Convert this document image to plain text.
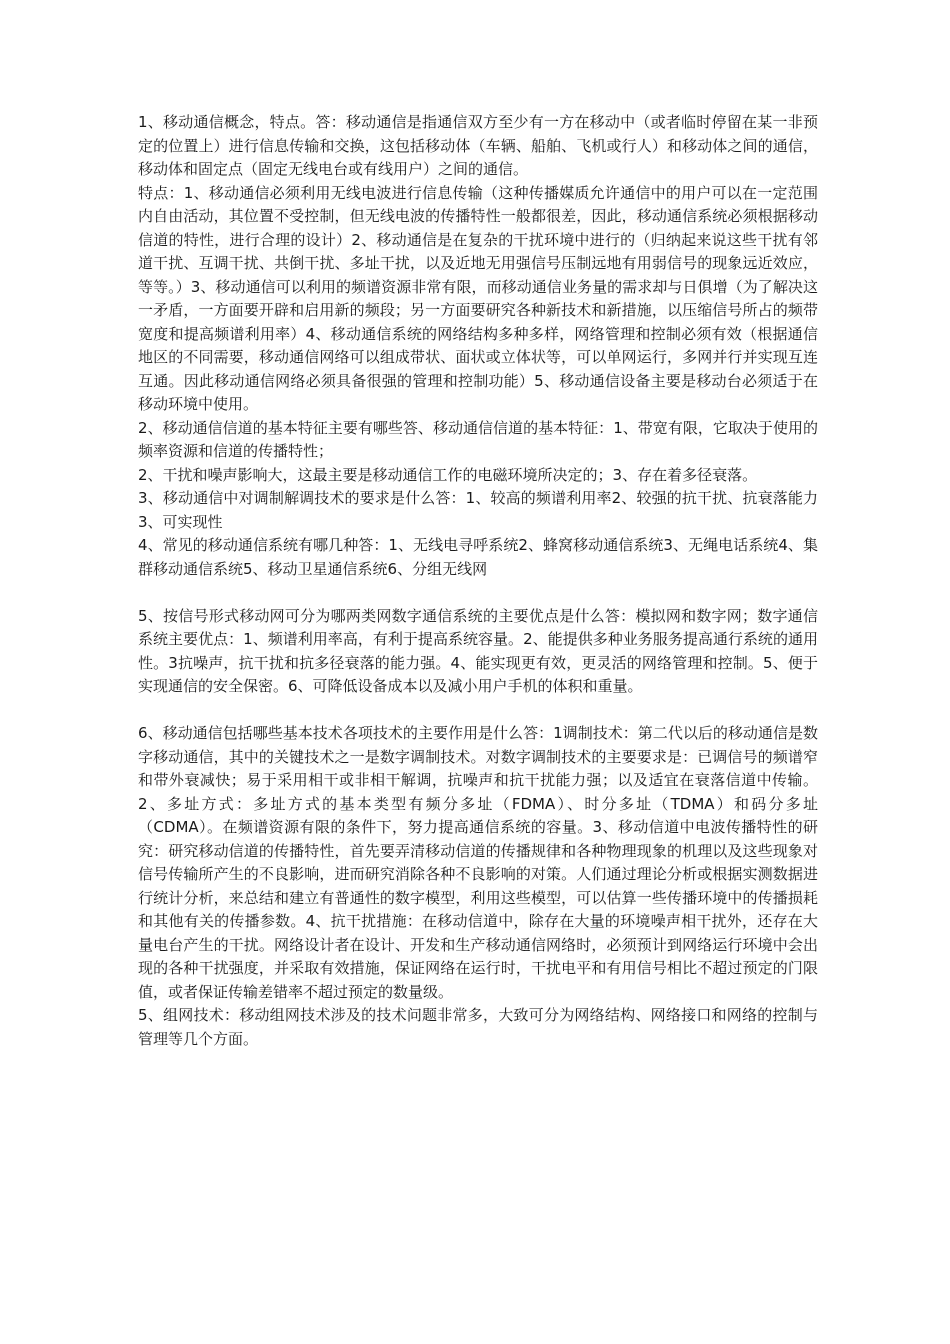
1、移动通信概念，特点。答：移动通信是指通信双方至少有一方在移动中（或者临时停留在某一非预定的位置上）进行信息传输和交换，这包括移动体（车辆、船舶、飞机或行人）和移动体之间的通信，移动体和固定点（固定无线电台或有线用户）之间的通信。

特点：1、移动通信必须利用无线电波进行信息传输（这种传播媒质允许通信中的用户可以在一定范围内自由活动，其位置不受控制，但无线电波的传播特性一般都很差，因此，移动通信系统必须根据移动信道的特性，进行合理的设计）2、移动通信是在复杂的干扰环境中进行的（归纳起来说这些干扰有邻道干扰、互调干扰、共倒干扰、多址干扰，以及近地无用强信号压制远地有用弱信号的现象远近效应，等等。）3、移动通信可以利用的频谱资源非常有限，而移动通信业务量的需求却与日俱增（为了解决这一矛盾，一方面要开辟和启用新的频段；另一方面要研究各种新技术和新措施，以压缩信号所占的频带宽度和提高频谱利用率）4、移动通信系统的网络结构多种多样，网络管理和控制必须有效（根据通信地区的不同需要，移动通信网络可以组成带状、面状或立体状等，可以单网运行，多网并行并实现互连互通。因此移动通信网络必须具备很强的管理和控制功能）5、移动通信设备主要是移动台必须适于在移动环境中使用。

2、移动通信信道的基本特征主要有哪些答、移动通信信道的基本特征：1、带宽有限，它取决于使用的频率资源和信道的传播特性；

2、干扰和噪声影响大，这最主要是移动通信工作的电磁环境所决定的；3、存在着多径衰落。

3、移动通信中对调制解调技术的要求是什么答：1、较高的频谱利用率2、较强的抗干扰、抗衰落能力3、可实现性

4、常见的移动通信系统有哪几种答：1、无线电寻呼系统2、蜂窝移动通信系统3、无绳电话系统4、集群移动通信系统5、移动卫星通信系统6、分组无线网

5、按信号形式移动网可分为哪两类网数字通信系统的主要优点是什么答：模拟网和数字网；数字通信系统主要优点：1、频谱利用率高，有利于提高系统容量。2、能提供多种业务服务提高通行系统的通用性。3抗噪声，抗干扰和抗多径衰落的能力强。4、能实现更有效，更灵活的网络管理和控制。5、便于实现通信的安全保密。6、可降低设备成本以及减小用户手机的体积和重量。

6、移动通信包括哪些基本技术各项技术的主要作用是什么答：1调制技术：第二代以后的移动通信是数字移动通信，其中的关键技术之一是数字调制技术。对数字调制技术的主要要求是：已调信号的频谱窄和带外衰减快；易于采用相干或非相干解调，抗噪声和抗干扰能力强；以及适宜在衰落信道中传输。2、多址方式：多址方式的基本类型有频分多址（FDMA）、时分多址（TDMA）和码分多址（CDMA）。在频谱资源有限的条件下，努力提高通信系统的容量。3、移动信道中电波传播特性的研究：研究移动信道的传播特性，首先要弄清移动信道的传播规律和各种物理现象的机理以及这些现象对信号传输所产生的不良影响，进而研究消除各种不良影响的对策。人们通过理论分析或根据实测数据进行统计分析，来总结和建立有普通性的数字模型，利用这些模型，可以估算一些传播环境中的传播损耗和其他有关的传播参数。4、抗干扰措施：在移动信道中，除存在大量的环境噪声相干扰外，还存在大量电台产生的干扰。网络设计者在设计、开发和生产移动通信网络时，必须预计到网络运行环境中会出现的各种干扰强度，并采取有效措施，保证网络在运行时，干扰电平和有用信号相比不超过预定的门限值，或者保证传输差错率不超过预定的数量级。

5、组网技术：移动组网技术涉及的技术问题非常多，大致可分为网络结构、网络接口和网络的控制与管理等几个方面。
